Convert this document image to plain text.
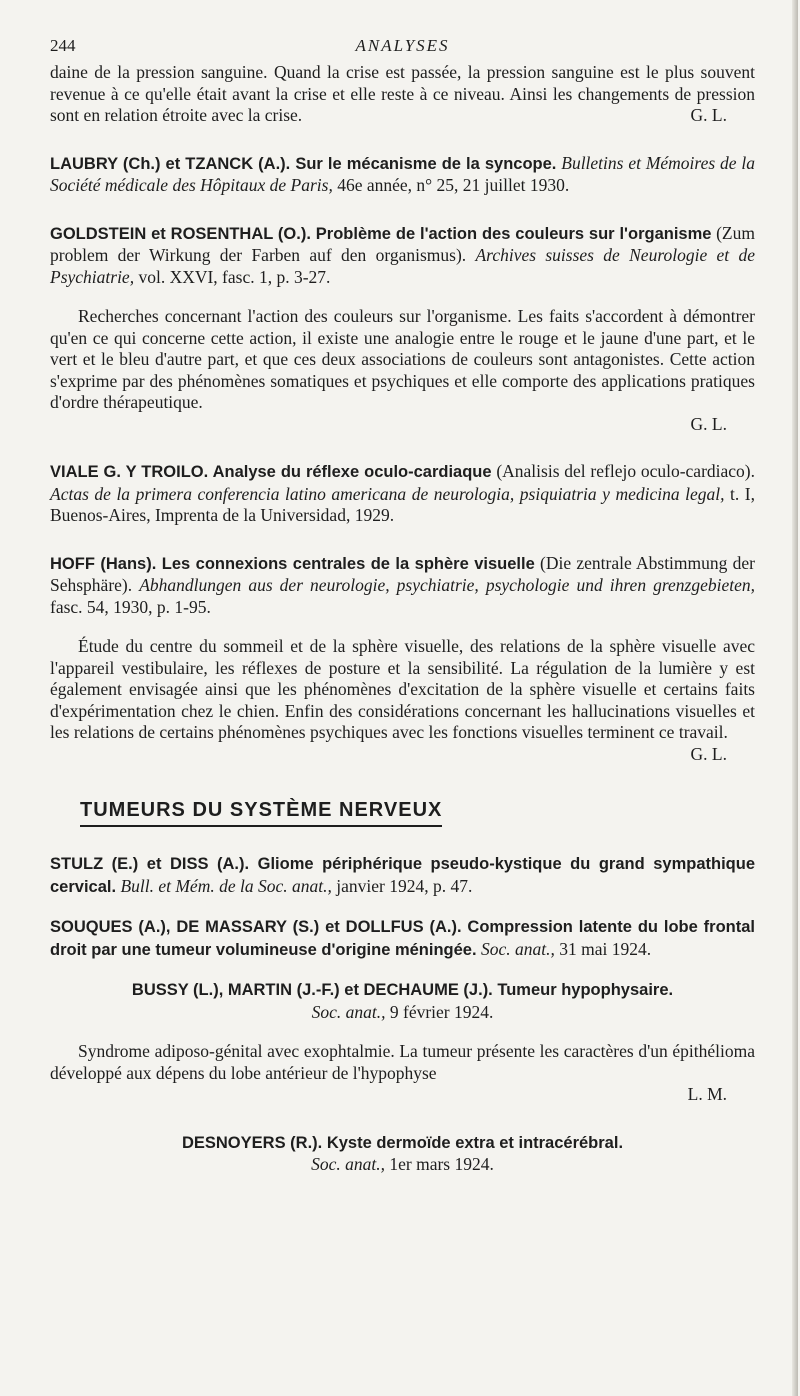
244	ANALYSES

daine de la pression sanguine. Quand la crise est passée, la pression sanguine est le plus souvent revenue à ce qu'elle était avant la crise et elle reste à ce niveau. Ainsi les changements de pression sont en relation étroite avec la crise.	G. L.

LAUBRY (Ch.) et TZANCK (A.). Sur le mécanisme de la syncope. Bulletins et Mémoires de la Société médicale des Hôpitaux de Paris, 46e année, n° 25, 21 juillet 1930.

GOLDSTEIN et ROSENTHAL (O.). Problème de l'action des couleurs sur l'organisme (Zum problem der Wirkung der Farben auf den organismus). Archives suisses de Neurologie et de Psychiatrie, vol. XXVI, fasc. 1, p. 3-27.

Recherches concernant l'action des couleurs sur l'organisme. Les faits s'accordent à démontrer qu'en ce qui concerne cette action, il existe une analogie entre le rouge et le jaune d'une part, et le vert et le bleu d'autre part, et que ces deux associations de couleurs sont antagonistes. Cette action s'exprime par des phénomènes somatiques et psychiques et elle comporte des applications pratiques d'ordre thérapeutique.

G. L.

VIALE G. Y TROILO. Analyse du réflexe oculo-cardiaque (Analisis del reflejo oculo-cardiaco). Actas de la primera conferencia latino americana de neurologia, psiquiatria y medicina legal, t. I, Buenos-Aires, Imprenta de la Universidad, 1929.

HOFF (Hans). Les connexions centrales de la sphère visuelle (Die zentrale Abstimmung der Sehsphäre). Abhandlungen aus der neurologie, psychiatrie, psychologie und ihren grenzgebieten, fasc. 54, 1930, p. 1-95.

Étude du centre du sommeil et de la sphère visuelle, des relations de la sphère visuelle avec l'appareil vestibulaire, les réflexes de posture et la sensibilité. La régulation de la lumière y est également envisagée ainsi que les phénomènes d'excitation de la sphère visuelle et certains faits d'expérimentation chez le chien. Enfin des considérations concernant les hallucinations visuelles et les relations de certains phénomènes psychiques avec les fonctions visuelles terminent ce travail.
G. L.

TUMEURS DU SYSTÈME NERVEUX

STULZ (E.) et DISS (A.). Gliome périphérique pseudo-kystique du grand sympathique cervical. Bull. et Mém. de la Soc. anat., janvier 1924, p. 47.

SOUQUES (A.), DE MASSARY (S.) et DOLLFUS (A.). Compression latente du lobe frontal droit par une tumeur volumineuse d'origine méningée. Soc. anat., 31 mai 1924.

BUSSY (L.), MARTIN (J.-F.) et DECHAUME (J.). Tumeur hypophysaire.
Soc. anat., 9 février 1924.

Syndrome adiposo-génital avec exophtalmie. La tumeur présente les caractères d'un épithélioma développé aux dépens du lobe antérieur de l'hypophyse

L. M.

DESNOYERS (R.). Kyste dermoïde extra et intracérébral.
Soc. anat., 1er mars 1924.
